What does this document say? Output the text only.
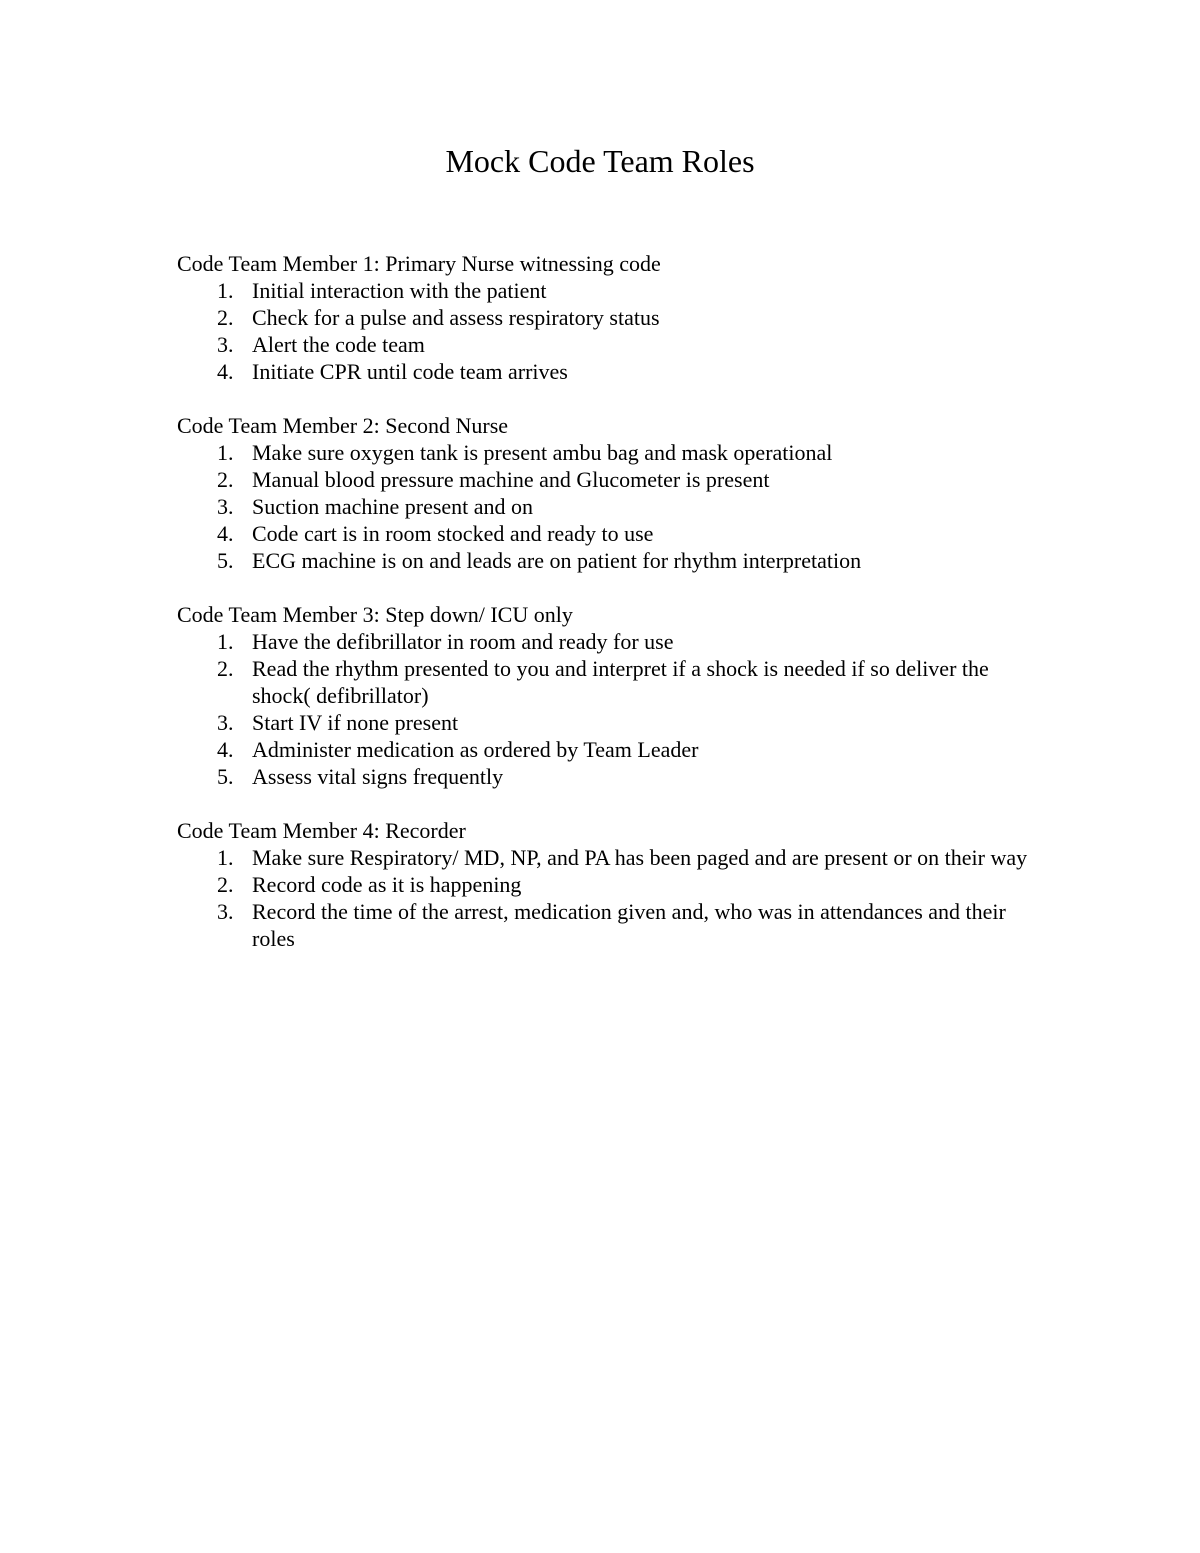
Mock Code Team Roles

Code Team Member 1: Primary Nurse witnessing code

1. Initial interaction with the patient
2. Check for a pulse and assess respiratory status
3. Alert the code team
4. Initiate CPR until code team arrives

Code Team Member 2: Second Nurse

1. Make sure oxygen tank is present ambu bag and mask operational
2. Manual blood pressure machine and Glucometer is present
3. Suction machine present and on
4. Code cart is in room stocked and ready to use
5. ECG machine is on and leads are on patient for rhythm interpretation

Code Team Member 3: Step down/ ICU only

1. Have the defibrillator in room and ready for use
2. Read the rhythm presented to you and interpret if a shock is needed if so deliver the shock( defibrillator)
3. Start IV if none present
4. Administer medication as ordered by Team Leader
5. Assess vital signs frequently

Code Team Member 4: Recorder

1. Make sure Respiratory/ MD, NP, and PA has been paged and are present or on their way
2. Record code as it is happening
3. Record the time of the arrest, medication given and, who was in attendances and their roles
